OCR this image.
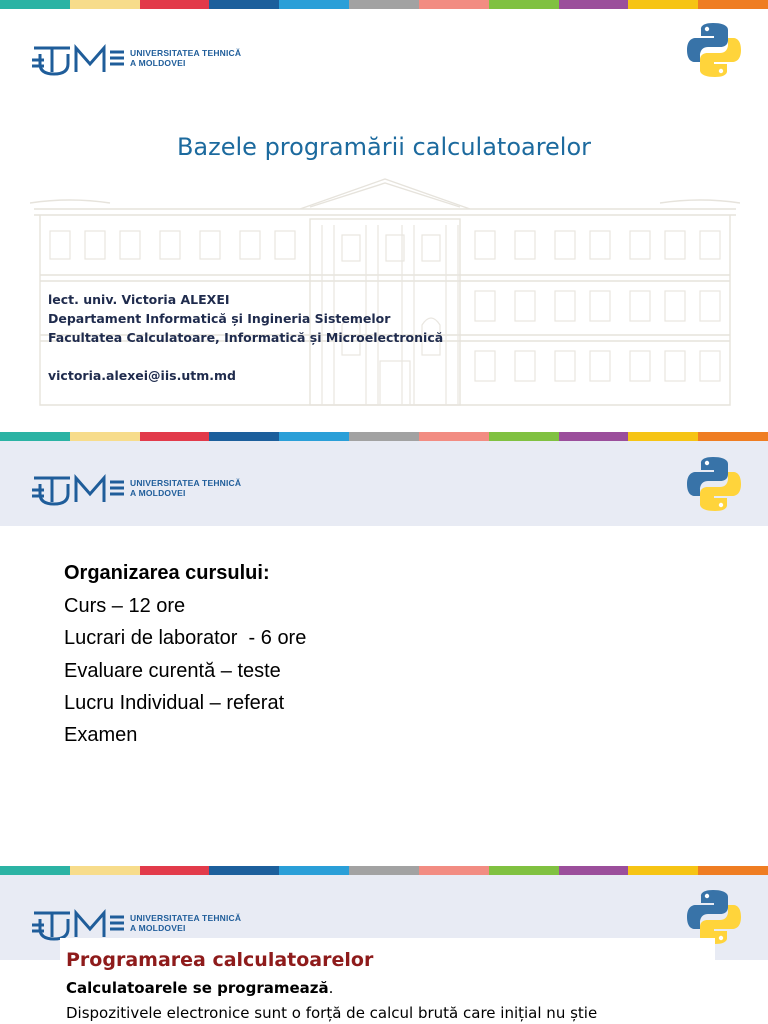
UNIVERSITATEA TEHNICĂ
A MOLDOVEI
Bazele programării calculatoarelor
lect. univ. Victoria ALEXEI
Departament Informatică și Ingineria Sistemelor
Facultatea Calculatoare, Informatică și Microelectronică
victoria.alexei@iis.utm.md
UNIVERSITATEA TEHNICĂ
A MOLDOVEI
Organizarea cursului:
Curs – 12 ore
Lucrari de laborator  - 6 ore
Evaluare curentă – teste
Lucru Individual – referat
Examen
UNIVERSITATEA TEHNICĂ
A MOLDOVEI
Programarea calculatoarelor
Calculatoarele se programează.
Dispozitivele electronice sunt o forță de calcul brută care inițial nu știe
